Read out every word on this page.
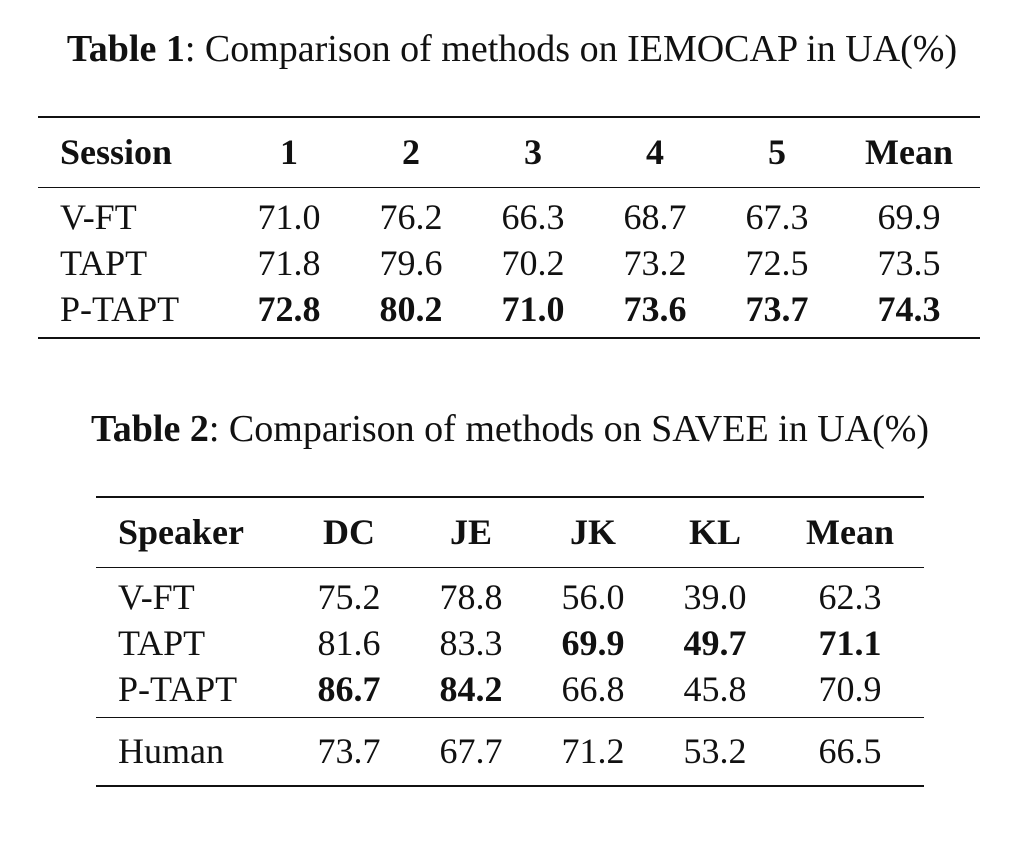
Table 1: Comparison of methods on IEMOCAP in UA(%)
Session	1	2	3	4	5	Mean
V-FT	71.0	76.2	66.3	68.7	67.3	69.9
TAPT	71.8	79.6	70.2	73.2	72.5	73.5
P-TAPT	72.8	80.2	71.0	73.6	73.7	74.3
Table 2: Comparison of methods on SAVEE in UA(%)
Speaker	DC	JE	JK	KL	Mean
V-FT	75.2	78.8	56.0	39.0	62.3
TAPT	81.6	83.3	69.9	49.7	71.1
P-TAPT	86.7	84.2	66.8	45.8	70.9
Human	73.7	67.7	71.2	53.2	66.5
